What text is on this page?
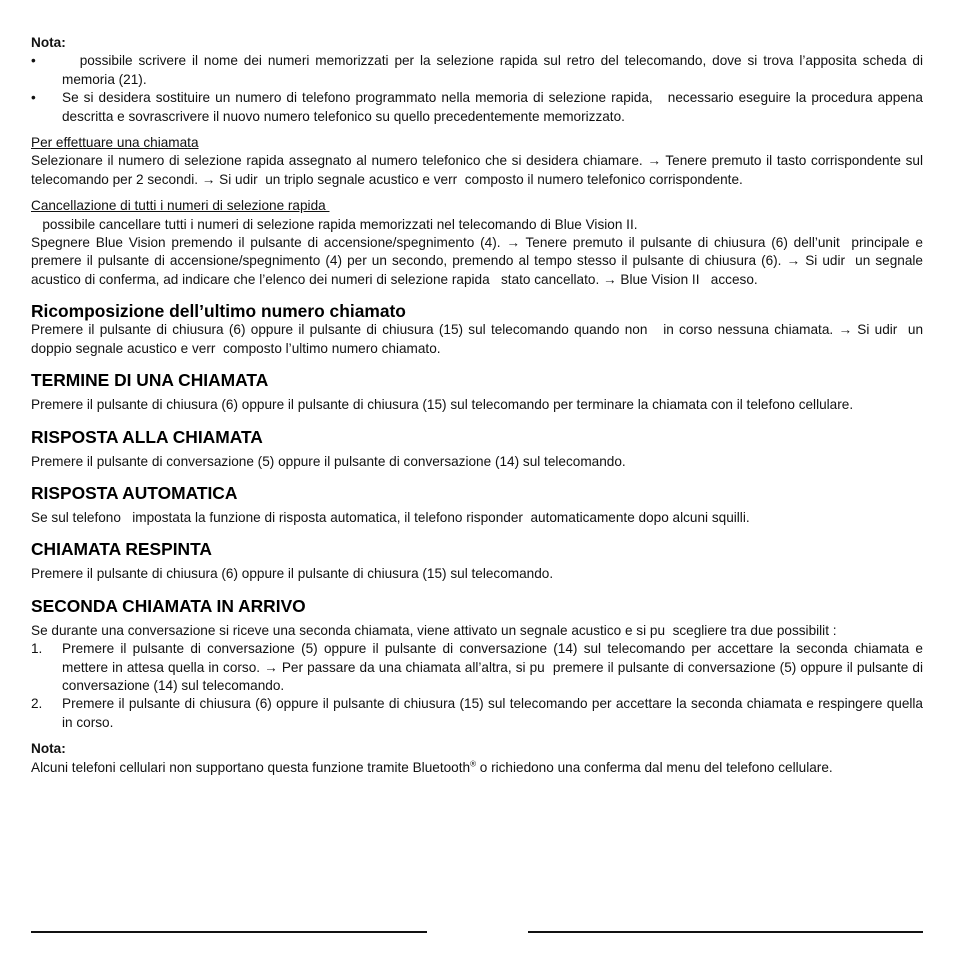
Nota:

• possibile scrivere il nome dei numeri memorizzati per la selezione rapida sul retro del telecomando, dove si trova l’apposita scheda di memoria (21).
• Se si desidera sostituire un numero di telefono programmato nella memoria di selezione rapida,   necessario eseguire la procedura appena descritta e sovrascrivere il nuovo numero telefonico su quello precedentemente memorizzato.

Per effettuare una chiamata

Selezionare il numero di selezione rapida assegnato al numero telefonico che si desidera chiamare. → Tenere premuto il tasto corrispondente sul telecomando per 2 secondi. → Si udir  un triplo segnale acustico e verr  composto il numero telefonico corrispondente.

Cancellazione di tutti i numeri di selezione rapida

possibile cancellare tutti i numeri di selezione rapida memorizzati nel telecomando di Blue Vision II.

Spegnere Blue Vision premendo il pulsante di accensione/spegnimento (4). → Tenere premuto il pulsante di chiusura (6) dell’unit  principale e premere il pulsante di accensione/spegnimento (4) per un secondo, premendo al tempo stesso il pulsante di chiusura (6). → Si udir  un segnale acustico di conferma, ad indicare che l’elenco dei numeri di selezione rapida   stato cancellato. → Blue Vision II   acceso.

Ricomposizione dell’ultimo numero chiamato

Premere il pulsante di chiusura (6) oppure il pulsante di chiusura (15) sul telecomando quando non   in corso nessuna chiamata. → Si udir  un doppio segnale acustico e verr  composto l’ultimo numero chiamato.

TERMINE DI UNA CHIAMATA

Premere il pulsante di chiusura (6) oppure il pulsante di chiusura (15) sul telecomando per terminare la chiamata con il telefono cellulare.

RISPOSTA ALLA CHIAMATA

Premere il pulsante di conversazione (5) oppure il pulsante di conversazione (14) sul telecomando.

RISPOSTA AUTOMATICA

Se sul telefono   impostata la funzione di risposta automatica, il telefono risponder  automaticamente dopo alcuni squilli.

CHIAMATA RESPINTA

Premere il pulsante di chiusura (6) oppure il pulsante di chiusura (15) sul telecomando.

SECONDA CHIAMATA IN ARRIVO

Se durante una conversazione si riceve una seconda chiamata, viene attivato un segnale acustico e si pu  scegliere tra due possibilit :

1. Premere il pulsante di conversazione (5) oppure il pulsante di conversazione (14) sul telecomando per accettare la seconda chiamata e mettere in attesa quella in corso. → Per passare da una chiamata all’altra, si pu  premere il pulsante di conversazione (5) oppure il pulsante di conversazione (14) sul telecomando.
2. Premere il pulsante di chiusura (6) oppure il pulsante di chiusura (15) sul telecomando per accettare la seconda chiamata e respingere quella in corso.

Nota:

Alcuni telefoni cellulari non supportano questa funzione tramite Bluetooth® o richiedono una conferma dal menu del telefono cellulare.
